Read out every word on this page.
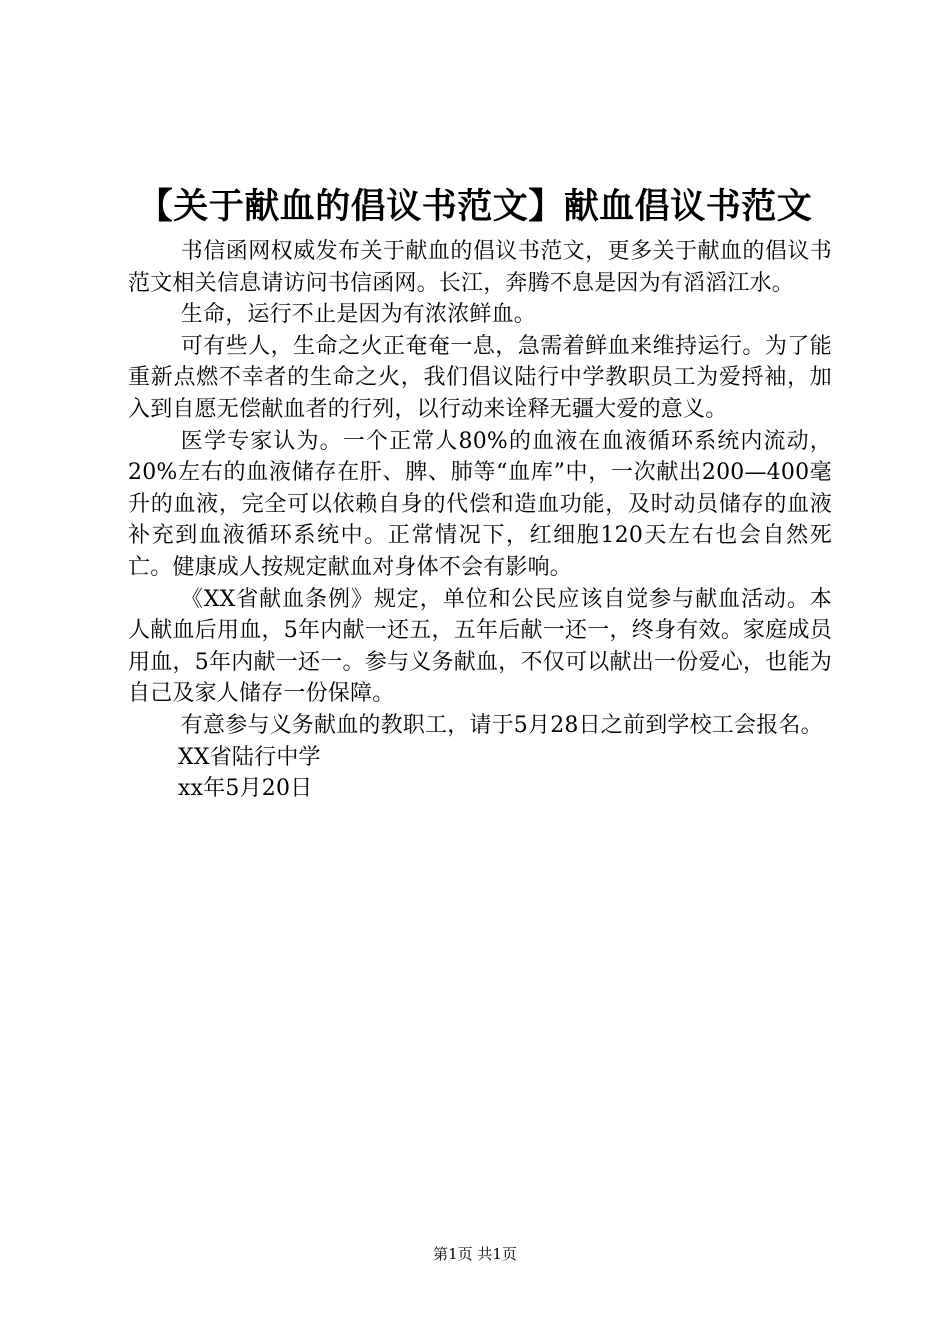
【关于献血的倡议书范文】献血倡议书范文

书信函网权威发布关于献血的倡议书范文，更多关于献血的倡议书范文相关信息请访问书信函网。长江，奔腾不息是因为有滔滔江水。

生命，运行不止是因为有浓浓鲜血。

可有些人，生命之火正奄奄一息，急需着鲜血来维持运行。为了能重新点燃不幸者的生命之火，我们倡议陆行中学教职员工为爱捋袖，加入到自愿无偿献血者的行列，以行动来诠释无疆大爱的意义。

医学专家认为。一个正常人80%的血液在血液循环系统内流动，20%左右的血液储存在肝、脾、肺等“血库”中，一次献出200—400毫升的血液，完全可以依赖自身的代偿和造血功能，及时动员储存的血液补充到血液循环系统中。正常情况下，红细胞120天左右也会自然死亡。健康成人按规定献血对身体不会有影响。

《XX省献血条例》规定，单位和公民应该自觉参与献血活动。本人献血后用血，5年内献一还五，五年后献一还一，终身有效。家庭成员用血，5年内献一还一。参与义务献血，不仅可以献出一份爱心，也能为自己及家人储存一份保障。

有意参与义务献血的教职工，请于5月28日之前到学校工会报名。

XX省陆行中学
xx年5月20日
第1页 共1页
